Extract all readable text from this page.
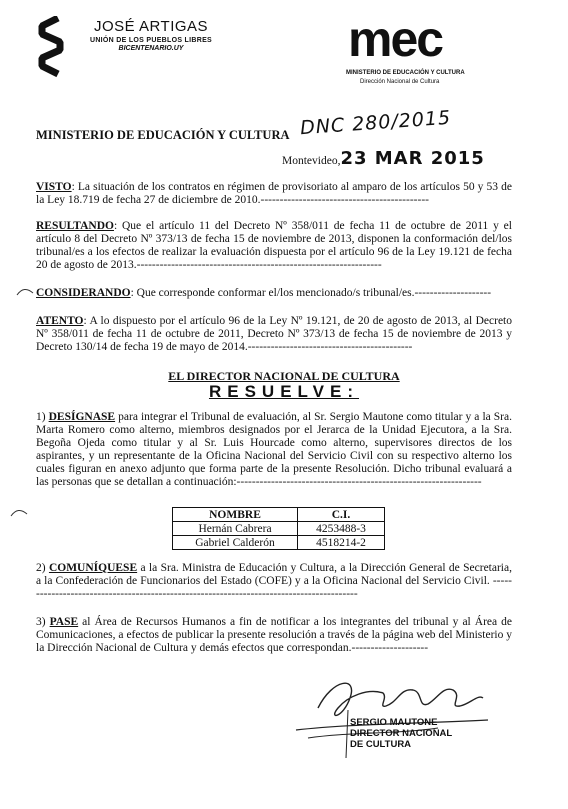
JOSÉ ARTIGAS
UNIÓN DE LOS PUEBLOS LIBRES
BICENTENARIO.UY	mec
MINISTERIO DE EDUCACIÓN Y CULTURA
Dirección Nacional de Cultura
MINISTERIO DE EDUCACIÓN Y CULTURA DNC 280/2015
Montevideo,23 MAR 2015
VISTO: La situación de los contratos en régimen de provisoriato al amparo de los artículos 50 y 53 de la Ley 18.719 de fecha 27 de diciembre de 2010.--------------------------------------------
RESULTANDO: Que el artículo 11 del Decreto Nº 358/011 de fecha 11 de octubre de 2011 y el artículo 8 del Decreto Nº 373/13 de fecha 15 de noviembre de 2013, disponen la conformación del/los tribunal/es a los efectos de realizar la evaluación dispuesta por el artículo 96 de la Ley 19.121 de fecha 20 de agosto de 2013.----------------------------------------------------------------
CONSIDERANDO: Que corresponde conformar el/los mencionado/s tribunal/es.--------------------
ATENTO: A lo dispuesto por el artículo 96 de la Ley Nº 19.121, de 20 de agosto de 2013, al Decreto Nº 358/011 de fecha 11 de octubre de 2011, Decreto Nº 373/13 de fecha 15 de noviembre de 2013 y Decreto 130/14 de fecha 19 de mayo de 2014.-------------------------------------------
EL DIRECTOR NACIONAL DE CULTURA
RESUELVE:
1) DESÍGNASE para integrar el Tribunal de evaluación, al Sr. Sergio Mautone como titular y a la Sra. Marta Romero como alterno, miembros designados por el Jerarca de la Unidad Ejecutora, a la Sra. Begoña Ojeda como titular y al Sr. Luis Hourcade como alterno, supervisores directos de los aspirantes, y un representante de la Oficina Nacional del Servicio Civil con su respectivo alterno los cuales figuran en anexo adjunto que forma parte de la presente Resolución. Dicho tribunal evaluará a las personas que se detallan a continuación:----------------------------------------------------------------
NOMBRE	C.I.
Hernán Cabrera	4253488-3
Gabriel Calderón	4518214-2
2) COMUNÍQUESE a la Sra. Ministra de Educación y Cultura, a la Dirección General de Secretaria, a la Confederación de Funcionarios del Estado (COFE) y a la Oficina Nacional del Servicio Civil. -----------------------------------------------------------------------------------------
3) PASE al Área de Recursos Humanos a fin de notificar a los integrantes del tribunal y al Área de Comunicaciones, a efectos de publicar la presente resolución a través de la página web del Ministerio y la Dirección Nacional de Cultura y demás efectos que correspondan.--------------------
SERGIO MAUTONE
DIRECTOR NACIONAL
DE CULTURA
